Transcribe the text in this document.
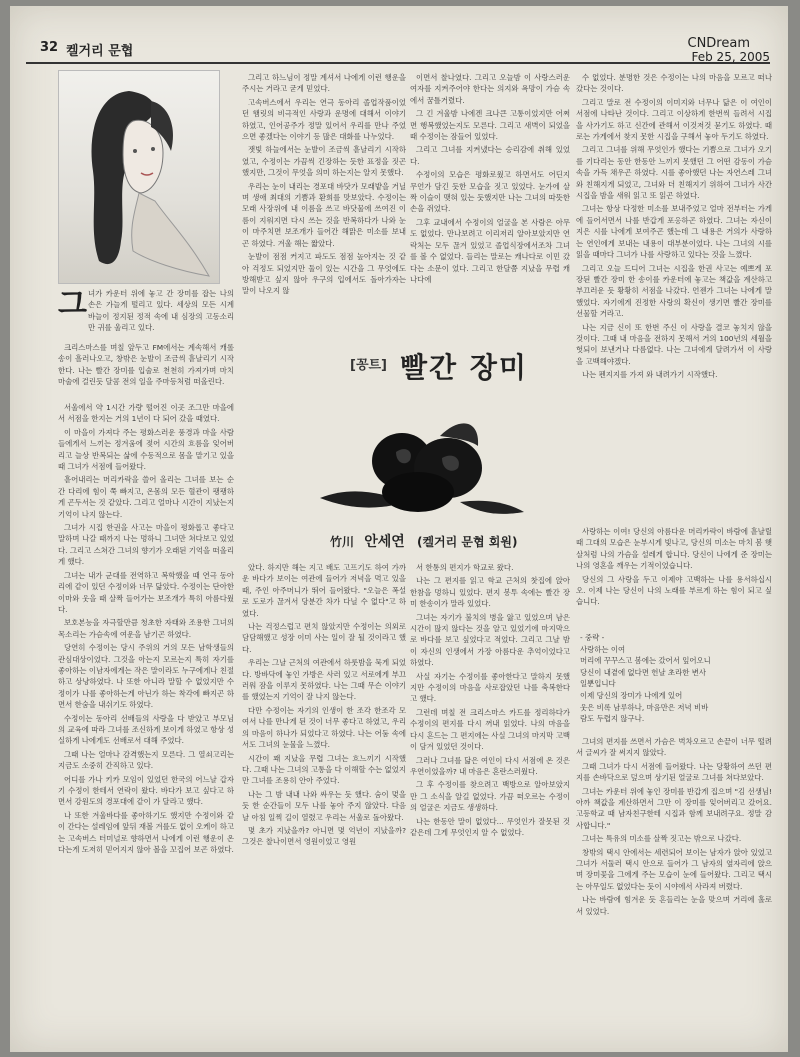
32 켈거리 문협
CNDream
Feb 25, 2005
그 녀가 카운터 위에 놓고 간 장미를 잡는 나의 손은 가늘게 떨리고 있다. 세상의 모든 시계 바늘이 정지된 정적 속에 내 심장의 고동소리만 귀를 울리고 있다.

크리스마스를 며칠 앞두고 FM에서는 계속해서 캐롤송이 흘러나오고, 창밖은 눈발이 조금씩 흩날리기 시작한다. 나는 빨간 장미를 입술로 천천히 가져가며 마치 마술에 걸린듯 달콤 전의 일을 주마등처럼 떠올린다.

서울에서 약 1시간 가량 떨어진 이곳 조그만 마을에서 서점을 한지는 거의 1년이 다 되어 갔을 때였다.

이 마을이 가져다 주는 평화스러운 풍경과 마을 사람들에게서 느끼는 정겨움에 젖어 시간의 흐름을 잊어버리고 늘상 반복되는 삶에 수동적으로 몸을 맡기고 있을 때 그녀가 서점에 들어왔다.

흩어내리는 머리카락을 쓸어 올리는 그녀를 보는 순간 다리에 힘이 쭉 빠지고, 온몸의 모든 혈관이 팽팽하게 곤두서는 것 같았다. 그리고 얼마나 시간이 지났는지 기억이 나지 않는다.

그녀가 시집 한권을 사고는 마을이 평화롭고 좋다고 말하며 나갈 때까지 나는 멍하니 그녀만 쳐다보고 있었다. 그리고 스쳐간 그녀의 향기가 오래된 기억을 떠올리게 했다.

그녀는 내가 군대를 전역하고 복학했을 때 연극 동아리에 같이 있던 수정이와 너무 닮았다. 수정이는 단아한 이마와 웃을 때 살짝 들어가는 보조개가 특히 아름다웠다.

보호본능을 자극할만큼 청초한 자태와 조용한 그녀의 목소리는 가슴속에 여운을 남기곤 하였다.

당연히 수정이는 당시 주위의 거의 모든 남학생들의 관심대상이었다. 그것을 아는지 모르는지 특히 자기를 좋아하는 이남자에게는 작은 말이라도 누구에게나 친절하고 상냥하였다. 나 또한 아니라 말할 수 없었지만 수정이가 나를 좋아하는게 아닌가 하는 착각에 빠지곤 하면서 한숨을 내쉬기도 하였다.

수정이는 동아리 선배들의 사랑을 다 받았고 부모님의 교육에 따라 그녀를 조신하게 보이게 하였고 항상 성실하게 나에게도 선배로서 대해 주었다.

그때 나는 얼마나 감격했는지 모른다. 그 열쇠고리는 지금도 소중히 간직하고 있다.

어디를 가나 키카 모임이 있었던 한국의 어느날 갑자기 수정이 한테서 연락이 왔다. 바다가 보고 싶다고 하면서 강원도의 경포대에 같이 가 달라고 했다.

나 또한 겨울바다를 좋아하기도 했지만 수정이와 같이 간다는 설레임에 앞뒤 재볼 겨를도 없이 오케이 하고는 고속버스 터미널로 향하면서 나에게 이런 행운이 온다는게 도저히 믿어지지 않아 볼을 꼬집어 보곤 하였다.

그리고 하느님이 정말 계셔서 나에게 이런 행운을 주시는 거라고 굳게 믿었다.

고속버스에서 우리는 연극 동아리 졸업작품이었던 햄릿의 비극적인 사랑과 운명에 대해서 이야기 하였고, 인어공주가 정말 있어서 우리를 만나 주었으면 좋겠다는 이야기 등 많은 대화를 나누었다.

잿빛 하늘에서는 눈발이 조금씩 흩날리기 시작하였고, 수정이는 가끔씩 긴장하는 듯한 표정을 짓곤 했지만, 그것이 무엇을 의미 하는지는 알지 못했다.

우리는 눈이 내리는 경포대 바닷가 모래밭을 거닐며 생애 최대의 기쁨과 환희를 맛보았다. 수정이는 모래 사장위에 내 이름을 쓰고 바닷물에 쓰여진 이름이 지워지면 다시 쓰는 것을 반복하다가 나와 눈이 마주치면 보조개가 들어간 해맑은 미소를 보내곤 하였다. 겨울 해는 짧았다.

눈발이 점점 커지고 파도도 점점 높아지는 것 같아 걱정도 되었지만 둘이 있는 시간을 그 무엇에도 방해받고 싶지 않아 우구의 입에서도 돌아가자는 말이 나오지 않

이면서 찰나였다. 그리고 오늘밤 이 사랑스러운 여자를 지켜주어야 한다는 의지와 욕망이 가슴 속에서 꿈틀거렸다.

그 긴 겨울밤 나에겐 크나큰 고통이었지만 어쩌면 행복했었는지도 모른다. 그리고 새벽이 되었을 때 수정이는 잠들어 있었다.

그리고 그녀를 지켜냈다는 승리감에 취해 있었다.

수정이의 모습은 평화로웠고 하면서도 어딘지 무언가 담긴 듯한 모습을 짓고 있었다. 눈가에 살짝 이슬이 맺혀 있는 듯했지만 나는 그녀의 따뜻한 손을 쥐었다.

그후 교내에서 수정이의 얼굴을 본 사람은 아무도 없었다. 만나보려고 이리저리 알아보았지만 연락처는 모두 끊겨 있었고 졸업식장에서조차 그녀를 볼 수 없었다. 들리는 말로는 캐나다로 이민 갔다는 소문이 었다. 그리고 한달쯤 지났을 무렵 캐나다에

수 없었다. 분명한 것은 수정이는 나의 마음을 모르고 떠나갔다는 것이다.

그리고 말로 전 수정이의 이미지와 너무나 닮은 이 여인이 서점에 나타난 것이다. 그리고 이상하게 한번씩 들려서 시집을 사가기도 하고 신간에 관해서 이것저것 묻기도 하였다. 때로는 가게에서 찾지 못한 시집을 구해서 놓아 두기도 하였다.

그리고 그녀를 위해 무엇인가 했다는 기쁨으로 그녀가 오기를 기다리는 동안 한동안 느끼지 못했던 그 어떤 감동이 가슴 속을 가득 채우곤 하였다. 시를 좋아했던 나는 자연스레 그녀와 친해지게 되었고, 그녀와 더 친해지기 위하여 그녀가 사간 시집을 밤을 새워 읽고 또 읽곤 하였다.

그녀는 항상 다정한 미소를 보내주었고 얼마 전부터는 가게에 들어서면서 나를 반갑게 포옹하곤 하였다. 그녀는 자신이 지은 시를 나에게 보여주곤 했는데 그 내용은 거의가 사랑하는 연인에게 보내는 내용이 대부분이었다. 나는 그녀의 시를 읽을 때마다 그녀가 나를 사랑하고 있다는 것을 느꼈다.

그리고 오늘 드디어 그녀는 시집을 한권 사고는 예쁘게 포장된 빨간 장미 한 송이를 카운터에 놓고는 책값을 계산하고 부끄러운 듯 황황히 서점을 나갔다. 언젠가 그녀는 나에게 말했었다. 자기에게 진정한 사랑의 확신이 생기면 빨간 장미를 선물할 거라고.

나는 지금 신이 또 한번 주신 이 사랑을 결코 놓치지 않을 것이다. 그때 내 마음을 전하지 못해서 거의 100년의 세월을 헛되이 보낸거나 다름없다. 나는 그녀에게 달려가서 이 사랑을 고백해야겠다.

나는 펜지지를 가져 와 내려가기 시작했다.

[꽁트] 빨간 장미
竹川 안세연 (켈거리 문협 회원)

았다. 하지만 해는 지고 배도 고프기도 하여 가까운 바다가 보이는 여관에 들어가 저녁을 먹고 있을 때, 주인 아주머니가 뛰어 들어왔다. "오늘은 폭설로 도로가 끊겨서 당분간 차가 다닐 수 없다"고 하였다.

나는 걱정스럽고 편치 않았지만 수정이는 의외로 담담해했고 성장 이미 사는 일이 잘 될 것이라고 했다.

우리는 그날 근처의 여관에서 하룻밤을 묵게 되었다. 방바닥에 놓인 가방은 사러 있고 서로에게 부끄러워 잠을 이루지 못하였다. 나는 그때 무슨 이야기를 했었는지 기억이 잘 나지 않는다.

다만 수정이는 자기의 인생이 한 조각 한조각 모여서 나를 만나게 된 것이 너무 좋다고 하였고, 우리의 마음이 하나가 되었다고 하였다. 나는 어둠 속에서도 그녀의 눈물을 느꼈다.

시간이 꽤 지났을 무렵 그녀는 흐느끼기 시작했다. 그때 나는 그녀의 고통을 다 이해할 수는 없었지만 그녀를 조용히 안아 주었다.

나는 그 밤 내내 나와 싸우는 듯 했다. 숨이 멎을 듯 한 순간들이 모두 나를 놓아 주지 않았다. 다음 날 아침 일찍 길이 열렸고 우리는 서울로 돌아왔다.

몇 초가 지났을까? 아니면 몇 억년이 지났을까? 그것은 찰나이면서 영원이었고 영원

서 한통의 편지가 학교로 왔다.

나는 그 편지를 읽고 학교 근처의 찻집에 앉아 한참을 멍하니 있었다. 편지 봉투 속에는 빨간 장미 한송이가 말라 있었다.

그녀는 자기가 불치의 병을 앓고 있었으며 남은 시간이 많지 않다는 것을 알고 있었기에 마지막으로 바다를 보고 싶었다고 적었다. 그리고 그날 밤이 자신의 인생에서 가장 아름다운 추억이었다고 하였다.

사실 자기는 수정이를 좋아한다고 말하지 못했지만 수정이의 마음을 사로잡았던 나를 축복한다고 했다.

그런데 며칠 전 크리스마스 카드를 정리하다가 수정이의 편지를 다시 꺼내 읽었다. 나의 마음을 다시 흔드는 그 편지에는 사실 그녀의 마지막 고백이 담겨 있었던 것이다.

그러나 그녀를 닮은 여인이 다시 서점에 온 것은 우연이었을까? 내 마음은 혼란스러웠다.

그 후 수정이를 찾으려고 백방으로 알아보았지만 그 소식을 알길 없었다. 가끔 떠오르는 수정이의 얼굴은 지금도 생생하다.

나는 한동안 말이 없었다... 무엇인가 잘못된 것 같은데 그게 무엇인지 알 수 없었다.

사랑하는 이여! 당신의 아름다운 머리카락이 바람에 흩날릴때 그대의 모습은 눈부시게 빛나고, 당신의 미소는 마치 봄 햇살처럼 나의 가슴을 설레게 합니다. 당신이 나에게 준 장미는 나의 영혼을 깨우는 기적이었습니다.

당신의 그 사랑을 두고 이제야 고백하는 나를 용서하십시오. 이제 나는 당신이 나의 노래를 부르게 하는 힘이 되고 싶습니다.

- 중략 -
사랑하는 이여
머리에 꾸꾸스고 봄에는 갔어서 잎어오니
당신이 내곁에 없다면 헌날 초라한 변사
일뿐입니다
이제 당신의 장미가 나에게 있어
웃은 비록 남루하나, 마음만은 저녁 비바
람도 두렵지 않구나.

그녀의 편지를 쓰면서 가슴은 벅차오르고 손끝이 너무 떨려서 글씨가 잘 써지지 않았다.

그때 그녀가 다시 서점에 들어왔다. 나는 당황하여 쓰던 편지를 손바닥으로 덮으며 상기된 얼굴로 그녀를 쳐다보았다.

그녀는 카운터 위에 놓인 장미를 반갑게 집으며 "김 선생님! 아까 책값을 계산하면서 그만 이 장미를 잊어버리고 갔어요. 고등학교 때 남자친구한테 시집과 함께 보내려구요. 정말 감사합니다."

그녀는 특유의 미소를 살짝 짓고는 밖으로 나갔다.

창밖의 택시 안에서는 세련되어 보이는 남자가 앉아 있었고 그녀가 서둘러 택시 안으로 들어가 그 남자의 옆자리에 앉으며 장미꽃을 그에게 주는 모습이 눈에 들어왔다. 그리고 택시는 아무일도 없었다는 듯이 시야에서 사라져 버렸다.

나는 바람에 힘겨운 듯 흔들리는 눈을 맞으며 거리에 홀로 서 있었다.
